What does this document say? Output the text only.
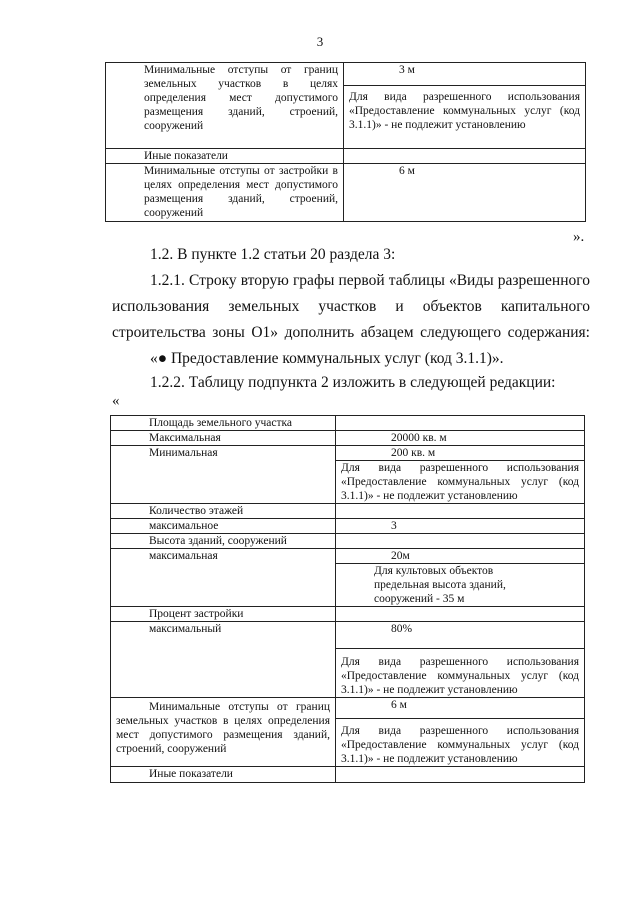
3
Минимальные отступы от границ земельных участков в целях определения мест допустимого размещения зданий, строений, сооружений	3 м
	Для вида разрешенного использования «Предоставление коммунальных услуг (код 3.1.1)» - не подлежит установлению
Иные показатели	
Минимальные отступы от застройки в целях определения мест допустимого размещения зданий, строений, сооружений	6 м
».
1.2. В пункте 1.2 статьи 20 раздела 3:
1.2.1. Строку вторую графы первой таблицы «Виды разрешенного использования земельных участков и объектов капитального строительства зоны О1» дополнить абзацем следующего содержания:
«● Предоставление коммунальных услуг (код 3.1.1)».
1.2.2. Таблицу подпункта 2 изложить в следующей редакции:
«
Площадь земельного участка	
Максимальная	20000 кв. м
Минимальная	200 кв. м
	Для вида разрешенного использования «Предоставление коммунальных услуг (код 3.1.1)» - не подлежит установлению
Количество этажей	
максимальное	3
Высота зданий, сооружений	
максимальная	20м

	Для культовых объектов предельная высота зданий, сооружений - 35 м

Процент застройки	
максимальный	80%
	Для вида разрешенного использования «Предоставление коммунальных услуг (код 3.1.1)» - не подлежит установлению
Минимальные отступы от границ земельных участков в целях определения мест допустимого размещения зданий, строений, сооружений	6 м
	Для вида разрешенного использования «Предоставление коммунальных услуг (код 3.1.1)» - не подлежит установлению
Иные показатели	
